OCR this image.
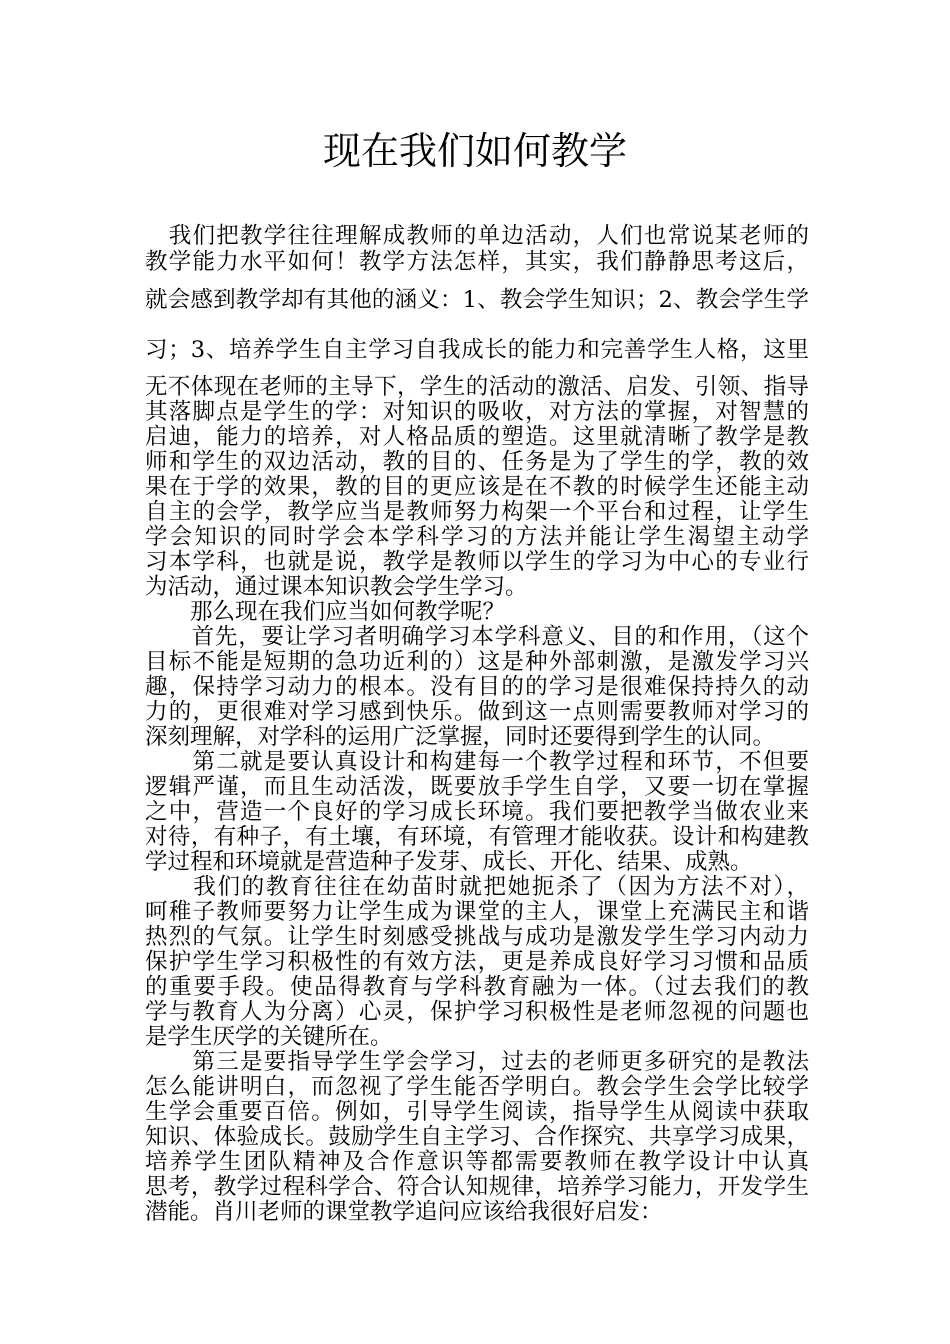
现在我们如何教学
　我们把教学往往理解成教师的单边活动，人们也常说某老师的
教学能力水平如何！教学方法怎样，其实，我们静静思考这后，
就会感到教学却有其他的涵义：1、教会学生知识；2、教会学生学
习；3、培养学生自主学习自我成长的能力和完善学生人格，这里
无不体现在老师的主导下，学生的活动的激活、启发、引领、指导
其落脚点是学生的学：对知识的吸收，对方法的掌握，对智慧的
启迪，能力的培养，对人格品质的塑造。这里就清晰了教学是教
师和学生的双边活动，教的目的、任务是为了学生的学，教的效
果在于学的效果，教的目的更应该是在不教的时候学生还能主动
自主的会学，教学应当是教师努力构架一个平台和过程，让学生
学会知识的同时学会本学科学习的方法并能让学生渴望主动学
习本学科，也就是说，教学是教师以学生的学习为中心的专业行
为活动，通过课本知识教会学生学习。
　　那么现在我们应当如何教学呢？
　　首先，要让学习者明确学习本学科意义、目的和作用，（这个
目标不能是短期的急功近利的）这是种外部刺激，是激发学习兴
趣，保持学习动力的根本。没有目的的学习是很难保持持久的动
力的，更很难对学习感到快乐。做到这一点则需要教师对学习的
深刻理解，对学科的运用广泛掌握，同时还要得到学生的认同。
　　第二就是要认真设计和构建每一个教学过程和环节，不但要
逻辑严谨，而且生动活泼，既要放手学生自学，又要一切在掌握
之中，营造一个良好的学习成长环境。我们要把教学当做农业来
对待，有种子，有土壤，有环境，有管理才能收获。设计和构建教
学过程和环境就是营造种子发芽、成长、开化、结果、成熟。
　　我们的教育往往在幼苗时就把她扼杀了（因为方法不对），
呵稚子教师要努力让学生成为课堂的主人，课堂上充满民主和谐
热烈的气氛。让学生时刻感受挑战与成功是激发学生学习内动力
保护学生学习积极性的有效方法，更是养成良好学习习惯和品质
的重要手段。使品得教育与学科教育融为一体。（过去我们的教
学与教育人为分离）心灵，保护学习积极性是老师忽视的问题也
是学生厌学的关键所在。
　　第三是要指导学生学会学习，过去的老师更多研究的是教法
怎么能讲明白，而忽视了学生能否学明白。教会学生会学比较学
生学会重要百倍。例如，引导学生阅读，指导学生从阅读中获取
知识、体验成长。鼓励学生自主学习、合作探究、共享学习成果，
培养学生团队精神及合作意识等都需要教师在教学设计中认真
思考，教学过程科学合、符合认知规律，培养学习能力，开发学生
潜能。肖川老师的课堂教学追问应该给我很好启发：
